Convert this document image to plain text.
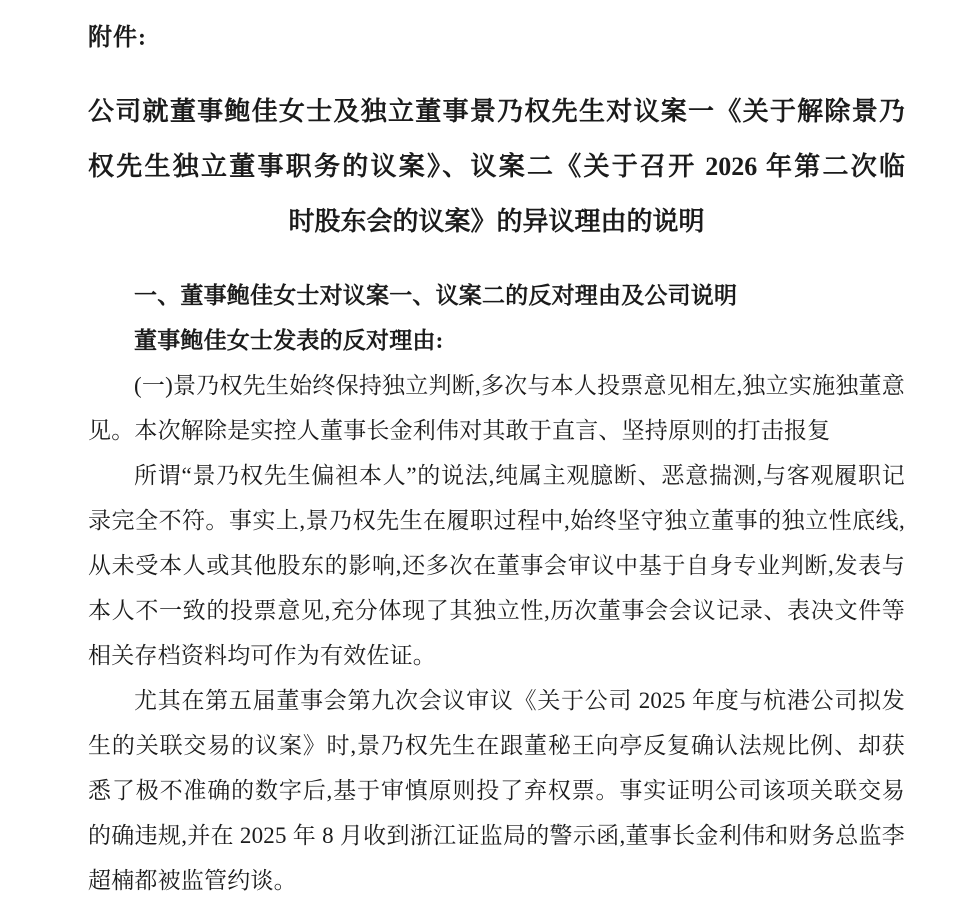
附件:
公司就董事鲍佳女士及独立董事景乃权先生对议案一《关于解除景乃
权先生独立董事职务的议案》、议案二《关于召开 2026 年第二次临
时股东会的议案》的异议理由的说明
一、董事鲍佳女士对议案一、议案二的反对理由及公司说明
董事鲍佳女士发表的反对理由:

(一)景乃权先生始终保持独立判断,多次与本人投票意见相左,独立实施独董意见。本次解除是实控人董事长金利伟对其敢于直言、坚持原则的打击报复

所谓“景乃权先生偏袒本人”的说法,纯属主观臆断、恶意揣测,与客观履职记录完全不符。事实上,景乃权先生在履职过程中,始终坚守独立董事的独立性底线,从未受本人或其他股东的影响,还多次在董事会审议中基于自身专业判断,发表与本人不一致的投票意见,充分体现了其独立性,历次董事会会议记录、表决文件等相关存档资料均可作为有效佐证。

尤其在第五届董事会第九次会议审议《关于公司 2025 年度与杭港公司拟发生的关联交易的议案》时,景乃权先生在跟董秘王向亭反复确认法规比例、却获悉了极不准确的数字后,基于审慎原则投了弃权票。事实证明公司该项关联交易的确违规,并在 2025 年 8 月收到浙江证监局的警示函,董事长金利伟和财务总监李超楠都被监管约谈。
